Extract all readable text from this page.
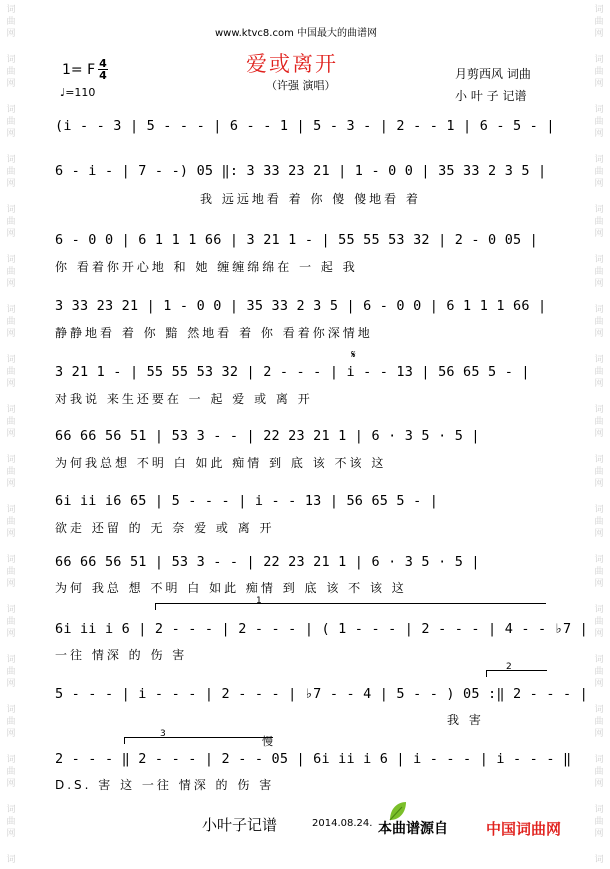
词
曲
网
词
曲
网
词
曲
网
词
曲
网
词
曲
网
词
曲
网
词
曲
网
词
曲
网
词
曲
网
词
曲
网
词
曲
网
词
曲
网
词
曲
网
词
曲
网
词
曲
网
词
曲
网
词
曲
网
词
词
曲
网
词
曲
网
词
曲
网
词
曲
网
词
曲
网
词
曲
网
词
曲
网
词
曲
网
词
曲
网
词
曲
网
词
曲
网
词
曲
网
词
曲
网
词
曲
网
词
曲
网
词
曲
网
词
曲
网
词
www.ktvc8.com 中国最大的曲谱网
爱或离开
（许强 演唱）
1= F 4
4
♩=110
月剪西风 词曲
小 叶 子 记谱
(i - - 3 | 5 - - - | 6 - - 1 | 5 - 3 - | 2 - - 1 | 6 - 5 - |
6 - i - | 7 - -) 05 ‖: 3 33 23 21 | 1 - 0 0 | 35 33 2 3 5 |
我 远远地看 着 你 傻 傻地看 着
6 - 0 0 | 6 1 1 1 66 | 3 21 1 - | 55 55 53 32 | 2 - 0 05 |
你 看着你开心地 和 她 缠缠绵绵在 一 起 我
3 33 23 21 | 1 - 0 0 | 35 33 2 3 5 | 6 - 0 0 | 6 1 1 1 66 |
静静地看 着 你 黯 然地看 着 你 看着你深情地
3 21 1 - | 55 55 53 32 | 2 - - - | i - - 13 | 56 65 5 - |
𝄋
对我说 来生还要在 一 起 爱 或 离 开
66 66 56 51 | 53 3 - - | 22 23 21 1 | 6 · 3 5 · 5 |
为何我总想 不明 白 如此 痴情 到 底 该 不该 这
6i ii i6 65 | 5 - - - | i - - 13 | 56 65 5 - |
欲走 还留 的 无 奈 爱 或 离 开
66 66 56 51 | 53 3 - - | 22 23 21 1 | 6 · 3 5 · 5 |
为何 我总 想 不明 白 如此 痴情 到 底 该 不 该 这
1
6i ii i 6 | 2 - - - | 2 - - - | ( 1 - - - | 2 - - - | 4 - - ♭7 |
一往 情深 的 伤 害
2
5 - - - | i - - - | 2 - - - | ♭7 - - 4 | 5 - - ) 05 :‖ 2 - - - |
我 害
3
慢
2 - - - ‖ 2 - - - | 2 - - 05 | 6i ii i 6 | i - - - | i - - - ‖
D.S. 害 这 一往 情深 的 伤 害
小叶子记谱	2014.08.24. 本曲谱源自	中国词曲网
